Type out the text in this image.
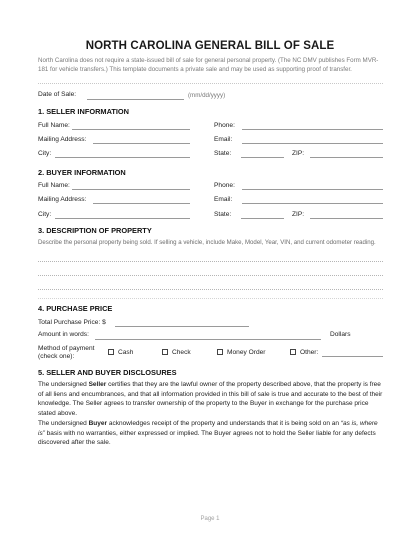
NORTH CAROLINA GENERAL BILL OF SALE
North Carolina does not require a state-issued bill of sale for general personal property. (The NC DMV publishes Form MVR-181 for vehicle transfers.) This template documents a private sale and may be used as supporting proof of transfer.
Date of Sale:	(mm/dd/yyyy)
1. SELLER INFORMATION
Full Name:	Phone:
Mailing Address:	Email:
City:	State:	ZIP:
2. BUYER INFORMATION
Full Name:	Phone:
Mailing Address:	Email:
City:	State:	ZIP:
3. DESCRIPTION OF PROPERTY
Describe the personal property being sold. If selling a vehicle, include Make, Model, Year, VIN, and current odometer reading.
4. PURCHASE PRICE
Total Purchase Price: $
Amount in words:	Dollars
Method of payment
(check one):
Cash	Check	Money Order	Other:
5. SELLER AND BUYER DISCLOSURES
The undersigned Seller certifies that they are the lawful owner of the property described above, that the property is free of all liens and encumbrances, and that all information provided in this bill of sale is true and accurate to the best of their knowledge. The Seller agrees to transfer ownership of the property to the Buyer in exchange for the purchase price stated above.
The undersigned Buyer acknowledges receipt of the property and understands that it is being sold on an “as is, where is” basis with no warranties, either expressed or implied. The Buyer agrees not to hold the Seller liable for any defects discovered after the sale.
Page 1
